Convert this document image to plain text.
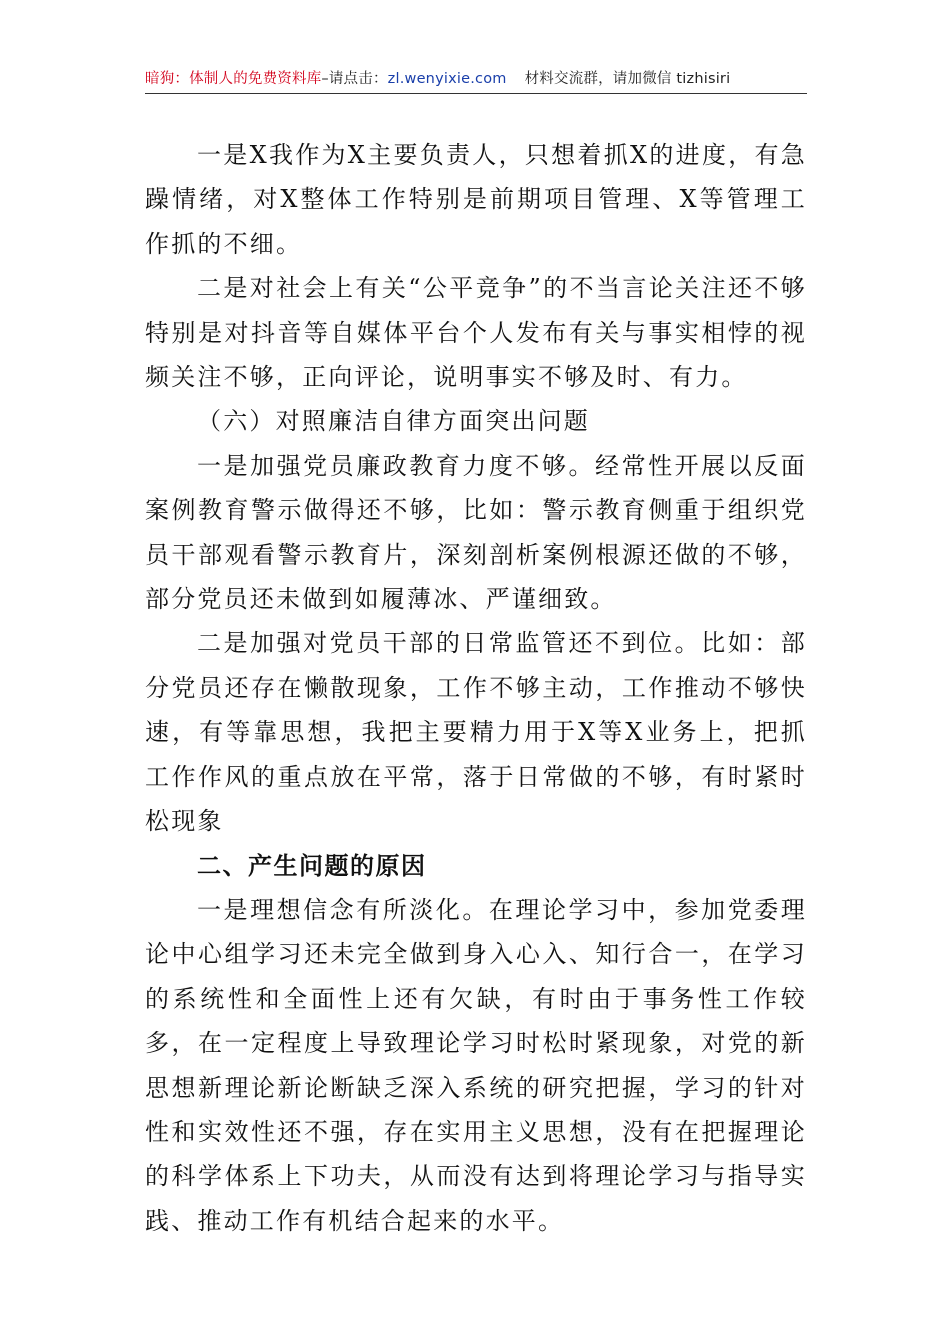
暗狗：体制人的免费资料库–请点击：zl.wenyixie.com 材料交流群，请加微信 tizhisiri

一是X我作为X主要负责人，只想着抓X的进度，有急躁情绪，对X整体工作特别是前期项目管理、X等管理工作抓的不细。

二是对社会上有关“公平竞争”的不当言论关注还不够特别是对抖音等自媒体平台个人发布有关与事实相悖的视频关注不够，正向评论，说明事实不够及时、有力。

（六）对照廉洁自律方面突出问题

一是加强党员廉政教育力度不够。经常性开展以反面案例教育警示做得还不够，比如：警示教育侧重于组织党员干部观看警示教育片，深刻剖析案例根源还做的不够，部分党员还未做到如履薄冰、严谨细致。

二是加强对党员干部的日常监管还不到位。比如：部分党员还存在懒散现象，工作不够主动，工作推动不够快速，有等靠思想，我把主要精力用于X等X业务上，把抓工作作风的重点放在平常，落于日常做的不够，有时紧时松现象

二、产生问题的原因

一是理想信念有所淡化。在理论学习中，参加党委理论中心组学习还未完全做到身入心入、知行合一，在学习的系统性和全面性上还有欠缺，有时由于事务性工作较多，在一定程度上导致理论学习时松时紧现象，对党的新思想新理论新论断缺乏深入系统的研究把握，学习的针对性和实效性还不强，存在实用主义思想，没有在把握理论的科学体系上下功夫，从而没有达到将理论学习与指导实践、推动工作有机结合起来的水平。
